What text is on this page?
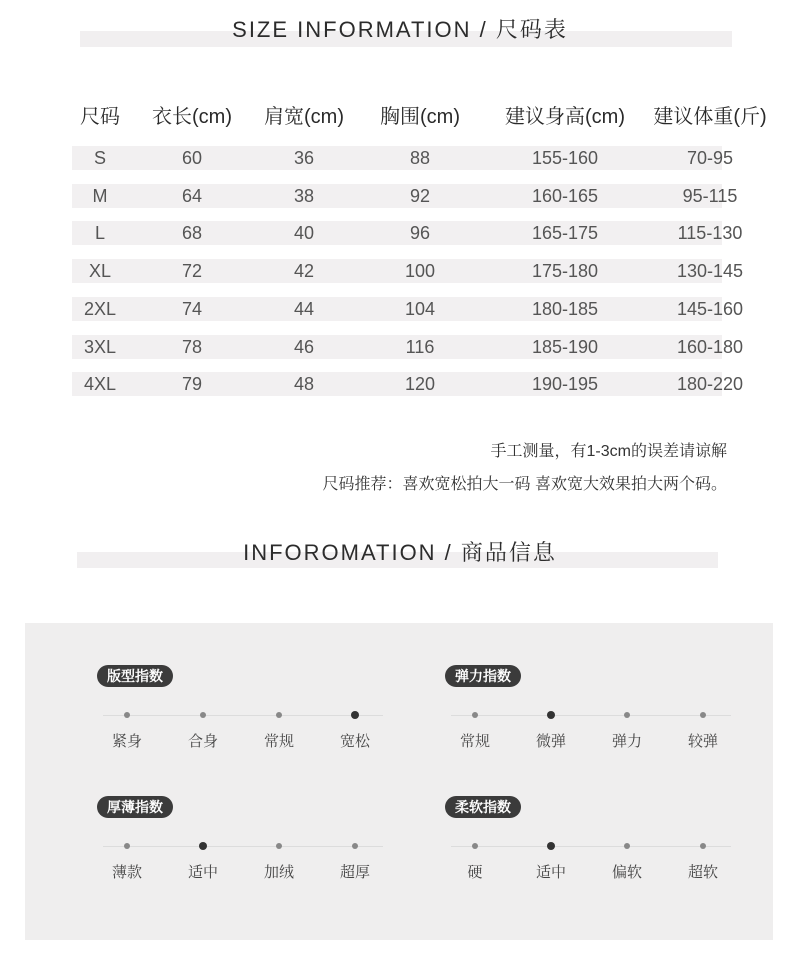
SIZE INFORMATION / 尺码表
尺码	衣长(cm)	肩宽(cm)	胸围(cm)	建议身高(cm)	建议体重(斤)
S	60	36	88	155-160	70-95
M	64	38	92	160-165	95-115
L	68	40	96	165-175	115-130
XL	72	42	100	175-180	130-145
2XL	74	44	104	180-185	145-160
3XL	78	46	116	185-190	160-180
4XL	79	48	120	190-195	180-220
手工测量，有1-3cm的误差请谅解
尺码推荐：喜欢宽松拍大一码 喜欢宽大效果拍大两个码。
INFOROMATION / 商品信息
版型指数
紧身	合身	常规	宽松
弹力指数
常规	微弹	弹力	较弹
厚薄指数
薄款	适中	加绒	超厚
柔软指数
硬	适中	偏软	超软
